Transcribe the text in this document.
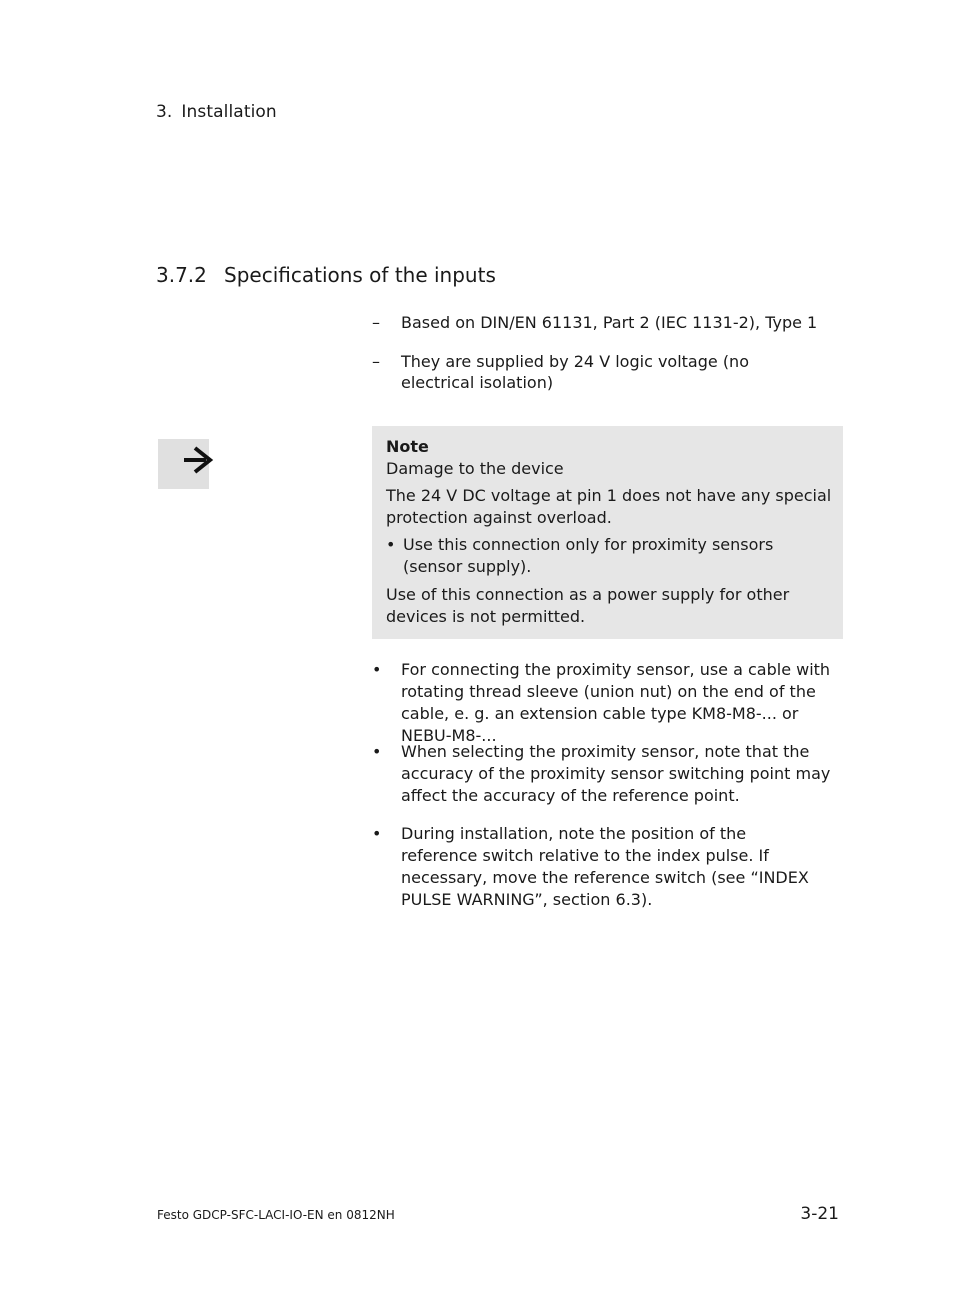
3. Installation
3.7.2 Specifications of the inputs
– Based on DIN/EN 61131, Part 2 (IEC 1131-2), Type 1
– They are supplied by 24 V logic voltage (no electrical isolation)

Note

Damage to the device

The 24 V DC voltage at pin 1 does not have any special protection against overload.

• Use this connection only for proximity sensors (sensor supply).

Use of this connection as a power supply for other devices is not permitted.

• For connecting the proximity sensor, use a cable with rotating thread sleeve (union nut) on the end of the cable, e. g. an extension cable type KM8-M8-... or NEBU-M8-...
• When selecting the proximity sensor, note that the accuracy of the proximity sensor switching point may affect the accuracy of the reference point.
• During installation, note the position of the reference switch relative to the index pulse. If necessary, move the reference switch (see “INDEX PULSE WARNING”, section 6.3).
Festo GDCP-SFC-LACI-IO-EN en 0812NH	3-21
